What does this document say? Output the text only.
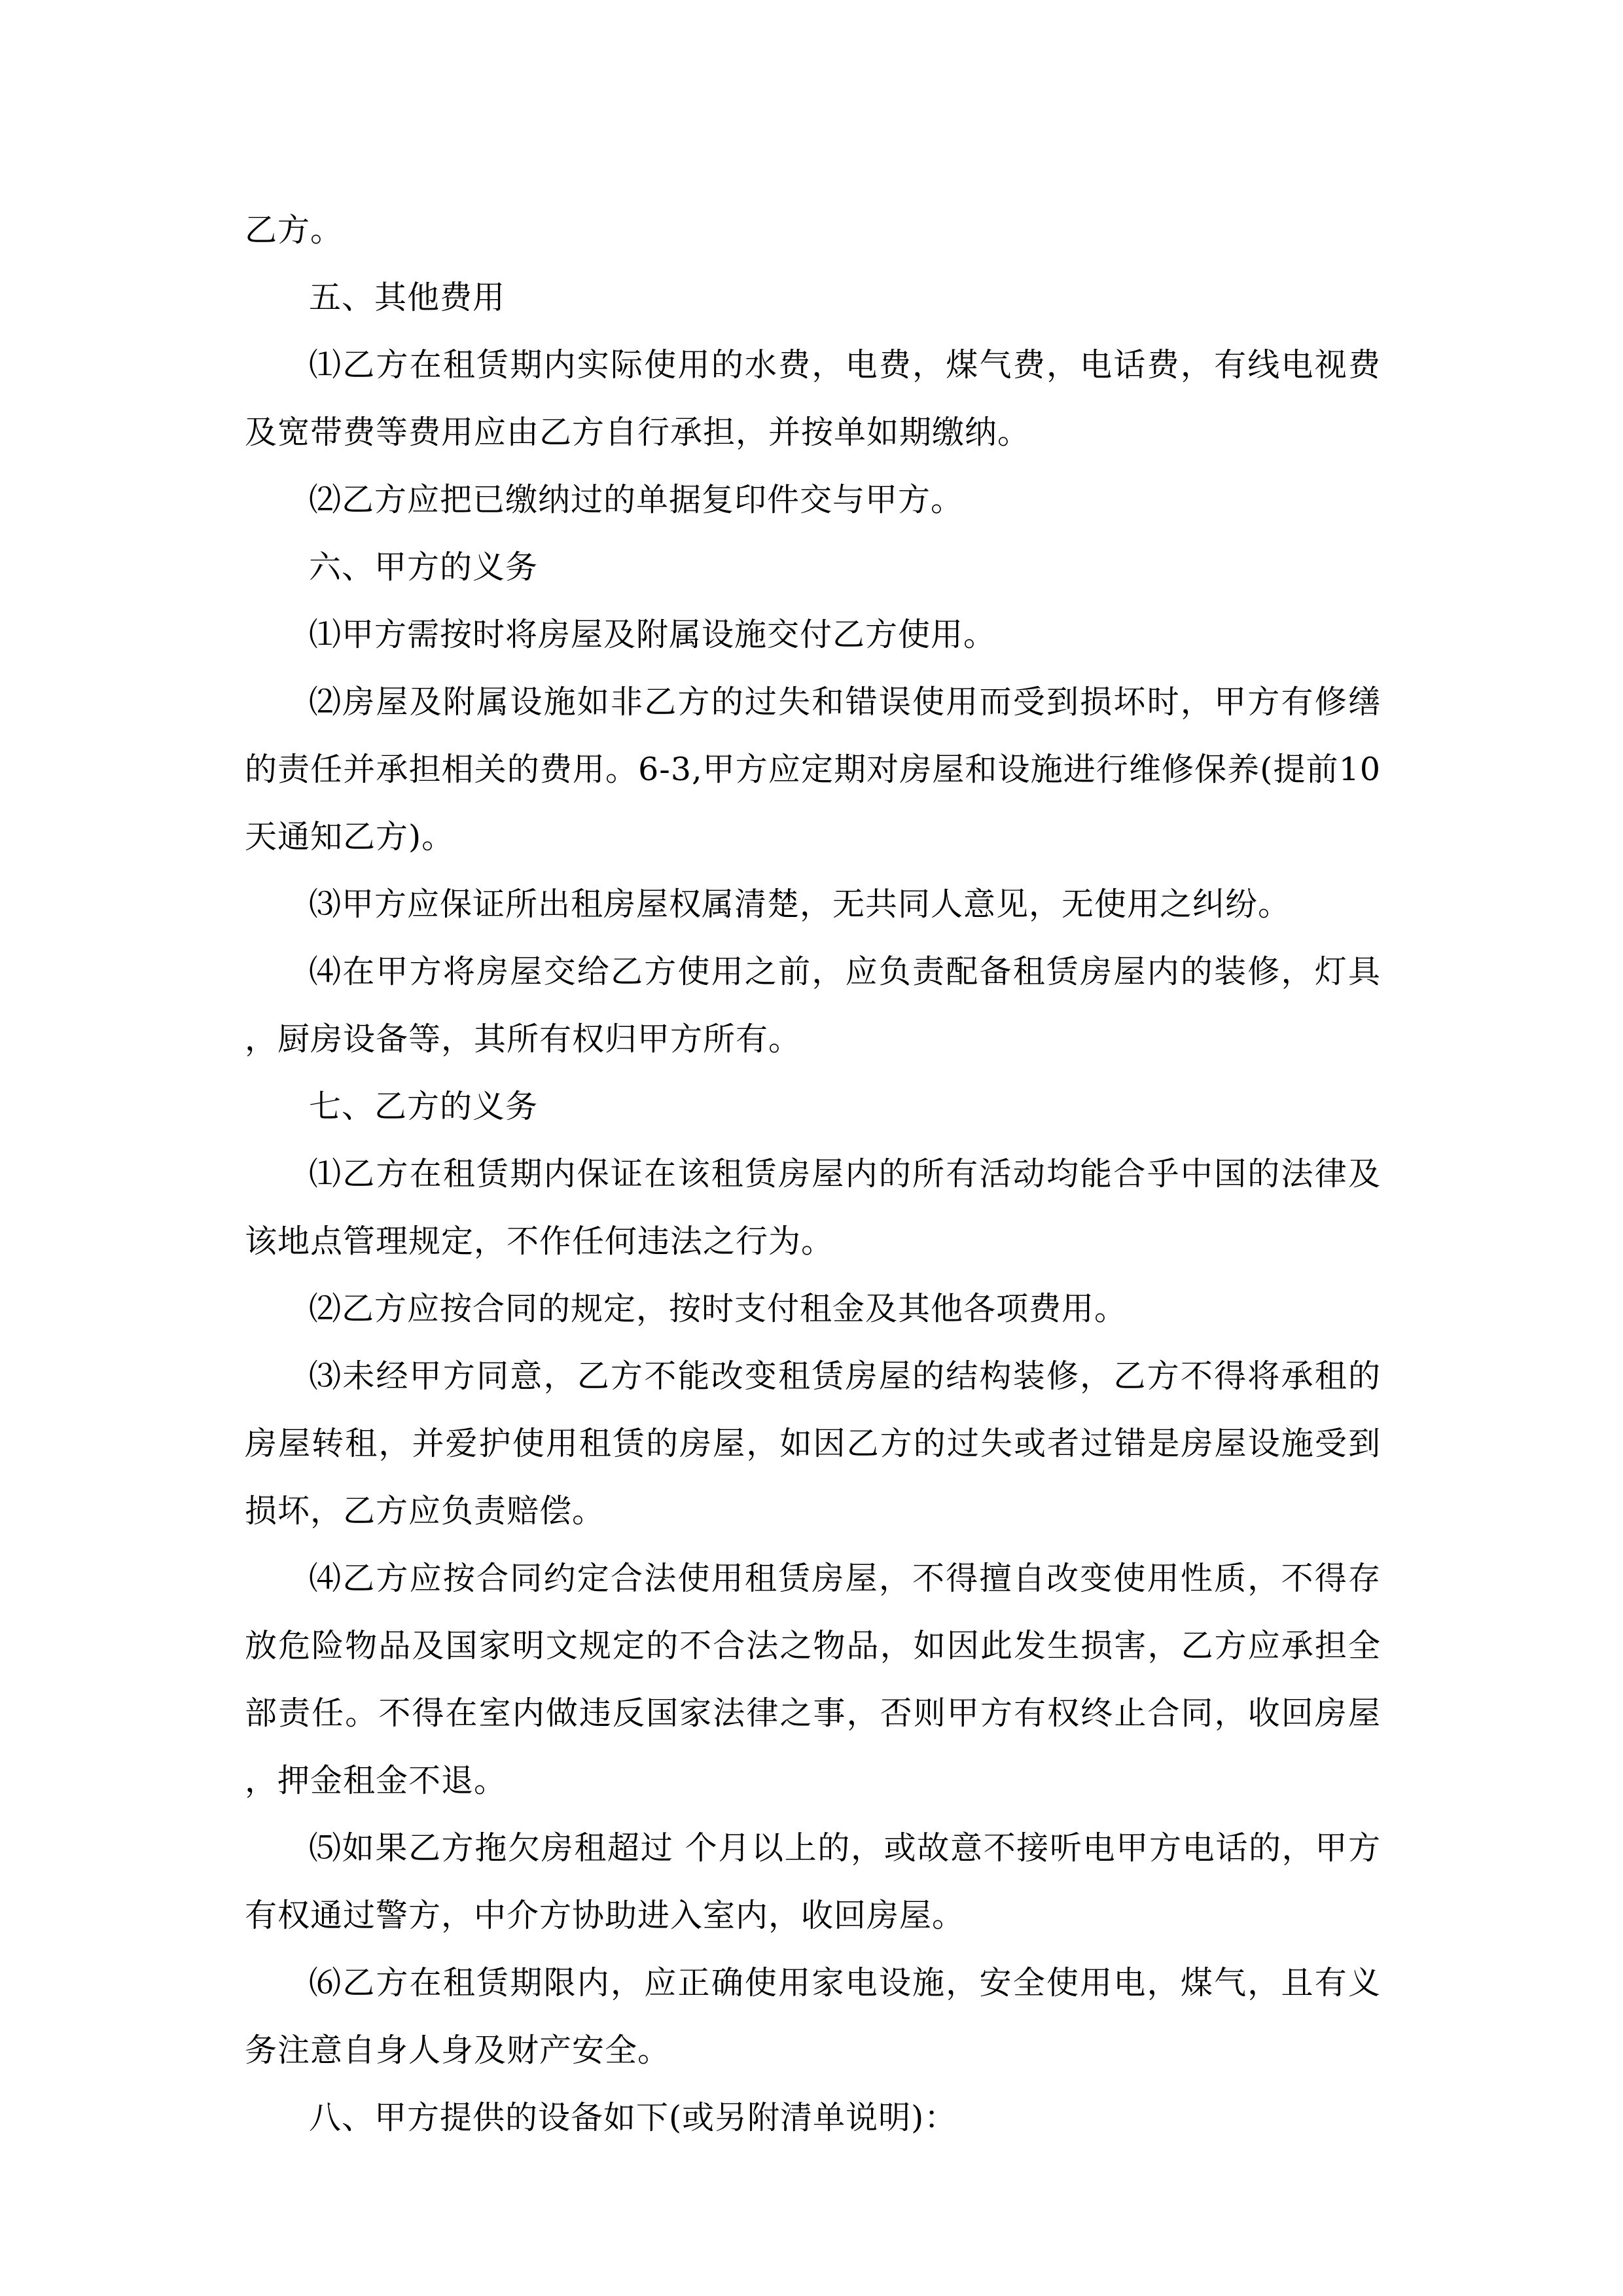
乙方。

五、其他费用

⑴乙方在租赁期内实际使用的水费，电费，煤气费，电话费，有线电视费及宽带费等费用应由乙方自行承担，并按单如期缴纳。

⑵乙方应把已缴纳过的单据复印件交与甲方。

六、甲方的义务

⑴甲方需按时将房屋及附属设施交付乙方使用。

⑵房屋及附属设施如非乙方的过失和错误使用而受到损坏时，甲方有修缮的责任并承担相关的费用。6-3,甲方应定期对房屋和设施进行维修保养(提前10天通知乙方)。

⑶甲方应保证所出租房屋权属清楚，无共同人意见，无使用之纠纷。

⑷在甲方将房屋交给乙方使用之前，应负责配备租赁房屋内的装修，灯具，厨房设备等，其所有权归甲方所有。

七、乙方的义务

⑴乙方在租赁期内保证在该租赁房屋内的所有活动均能合乎中国的法律及该地点管理规定，不作任何违法之行为。

⑵乙方应按合同的规定，按时支付租金及其他各项费用。

⑶未经甲方同意，乙方不能改变租赁房屋的结构装修，乙方不得将承租的房屋转租，并爱护使用租赁的房屋，如因乙方的过失或者过错是房屋设施受到损坏，乙方应负责赔偿。

⑷乙方应按合同约定合法使用租赁房屋，不得擅自改变使用性质，不得存放危险物品及国家明文规定的不合法之物品，如因此发生损害，乙方应承担全部责任。不得在室内做违反国家法律之事，否则甲方有权终止合同，收回房屋，押金租金不退。

⑸如果乙方拖欠房租超过 个月以上的，或故意不接听电甲方电话的，甲方有权通过警方，中介方协助进入室内，收回房屋。

⑹乙方在租赁期限内，应正确使用家电设施，安全使用电，煤气，且有义务注意自身人身及财产安全。

八、甲方提供的设备如下(或另附清单说明)：
